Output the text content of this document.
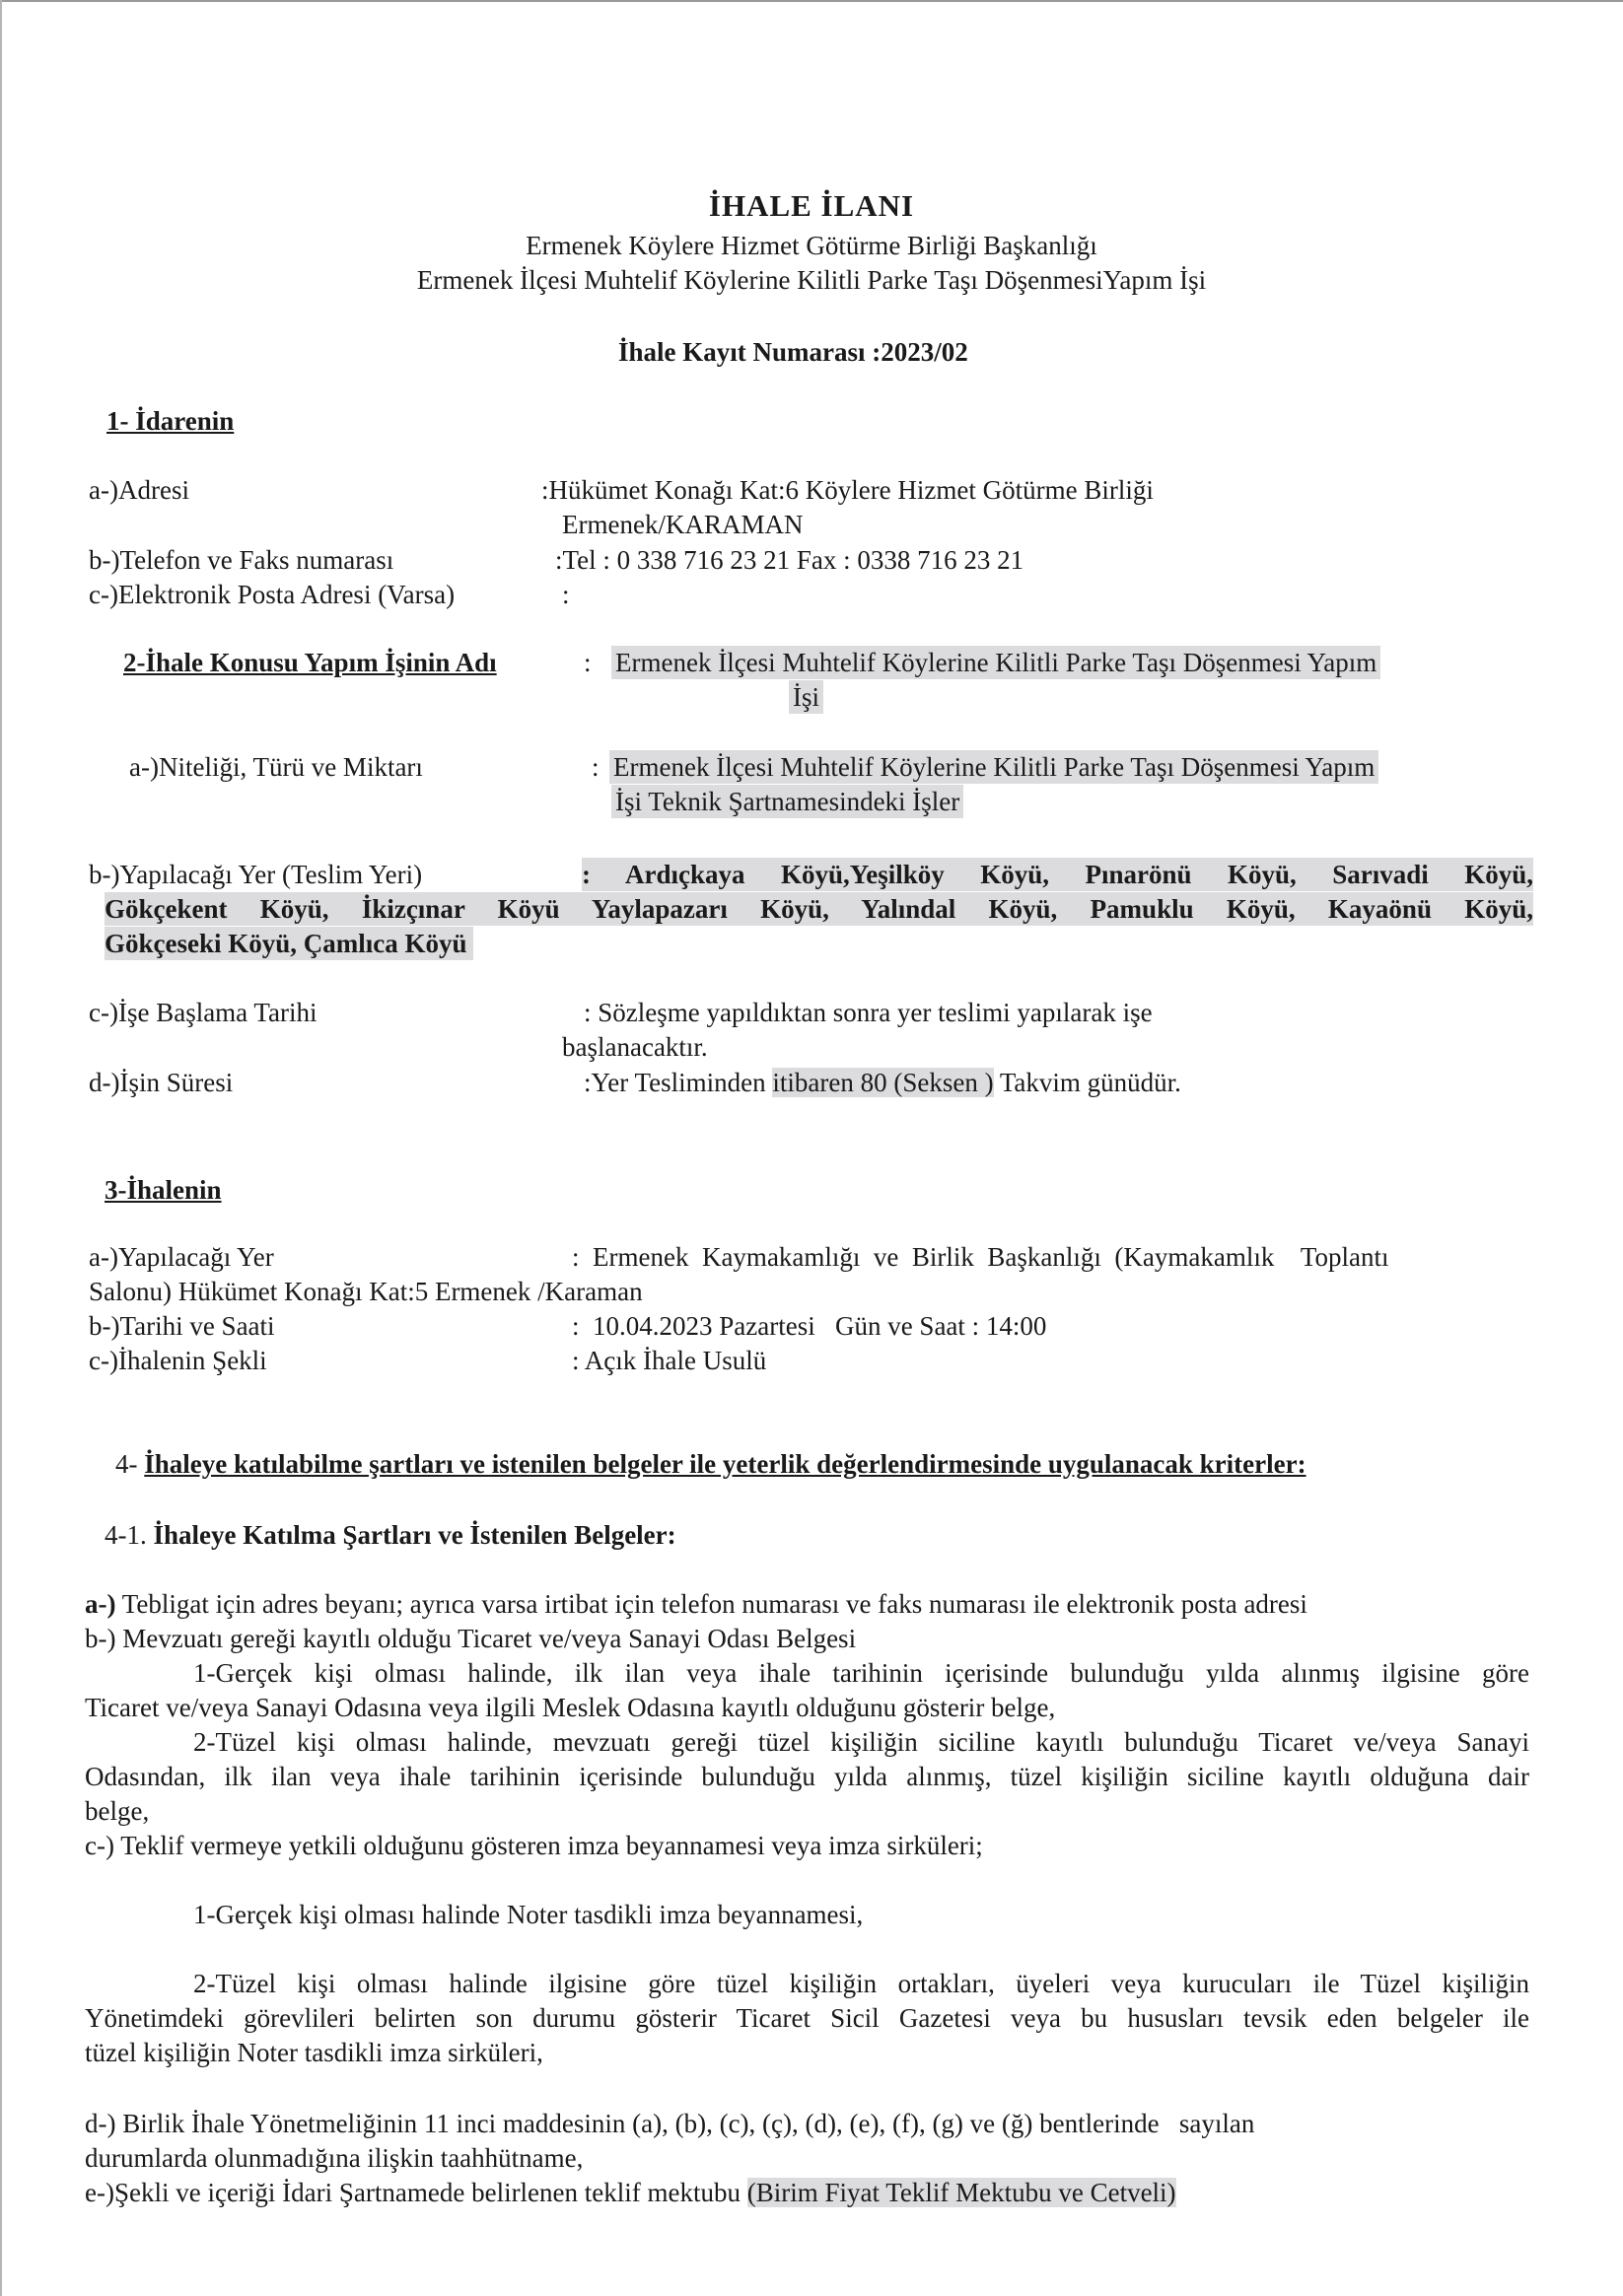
İHALE İLANI
Ermenek Köylere Hizmet Götürme Birliği Başkanlığı
Ermenek İlçesi Muhtelif Köylerine Kilitli Parke Taşı DöşenmesiYapım İşi
İhale Kayıt Numarası :2023/02
1- İdarenin
a-)Adresi	:Hükümet Konağı Kat:6 Köylere Hizmet Götürme Birliği
Ermenek/KARAMAN
b-)Telefon ve Faks numarası	:Tel : 0 338 716 23 21 Fax : 0338 716 23 21
c-)Elektronik Posta Adresi (Varsa)	:
2-İhale Konusu Yapım İşinin Adı	: Ermenek İlçesi Muhtelif Köylerine Kilitli Parke Taşı Döşenmesi Yapım
İşi
a-)Niteliği, Türü ve Miktarı	: Ermenek İlçesi Muhtelif Köylerine Kilitli Parke Taşı Döşenmesi Yapım
İşi Teknik Şartnamesindeki İşler
b-)Yapılacağı Yer (Teslim Yeri)	: Ardıçkaya Köyü,Yeşilköy Köyü, Pınarönü Köyü, Sarıvadi Köyü,
Gökçekent Köyü, İkizçınar Köyü Yaylapazarı Köyü, Yalındal Köyü, Pamuklu Köyü, Kayaönü Köyü,
Gökçeseki Köyü, Çamlıca Köyü
c-)İşe Başlama Tarihi	: Sözleşme yapıldıktan sonra yer teslimi yapılarak işe
başlanacaktır.
d-)İşin Süresi	:Yer Tesliminden itibaren 80 (Seksen ) Takvim günüdür.
3-İhalenin
a-)Yapılacağı Yer	:  Ermenek  Kaymakamlığı  ve  Birlik  Başkanlığı  (Kaymakamlık    Toplantı
Salonu) Hükümet Konağı Kat:5 Ermenek /Karaman
b-)Tarihi ve Saati	:  10.04.2023 Pazartesi   Gün ve Saat : 14:00
c-)İhalenin Şekli	: Açık İhale Usulü
4- İhaleye katılabilme şartları ve istenilen belgeler ile yeterlik değerlendirmesinde uygulanacak kriterler:
4-1. İhaleye Katılma Şartları ve İstenilen Belgeler:
a-) Tebligat için adres beyanı; ayrıca varsa irtibat için telefon numarası ve faks numarası ile elektronik posta adresi
b-) Mevzuatı gereği kayıtlı olduğu Ticaret ve/veya Sanayi Odası Belgesi
1-Gerçek kişi olması halinde, ilk ilan veya ihale tarihinin içerisinde bulunduğu yılda alınmış ilgisine göre
Ticaret ve/veya Sanayi Odasına veya ilgili Meslek Odasına kayıtlı olduğunu gösterir belge,
2-Tüzel kişi olması halinde, mevzuatı gereği tüzel kişiliğin siciline kayıtlı bulunduğu Ticaret ve/veya Sanayi
Odasından, ilk ilan veya ihale tarihinin içerisinde bulunduğu yılda alınmış, tüzel kişiliğin siciline kayıtlı olduğuna dair
belge,
c-) Teklif vermeye yetkili olduğunu gösteren imza beyannamesi veya imza sirküleri;
1-Gerçek kişi olması halinde Noter tasdikli imza beyannamesi,
2-Tüzel kişi olması halinde ilgisine göre tüzel kişiliğin ortakları, üyeleri veya kurucuları ile Tüzel kişiliğin
Yönetimdeki görevlileri belirten son durumu gösterir Ticaret Sicil Gazetesi veya bu hususları tevsik eden belgeler ile
tüzel kişiliğin Noter tasdikli imza sirküleri,
d-) Birlik İhale Yönetmeliğinin 11 inci maddesinin (a), (b), (c), (ç), (d), (e), (f), (g) ve (ğ) bentlerinde   sayılan
durumlarda olunmadığına ilişkin taahhütname,
e-)Şekli ve içeriği İdari Şartnamede belirlenen teklif mektubu (Birim Fiyat Teklif Mektubu ve Cetveli)
